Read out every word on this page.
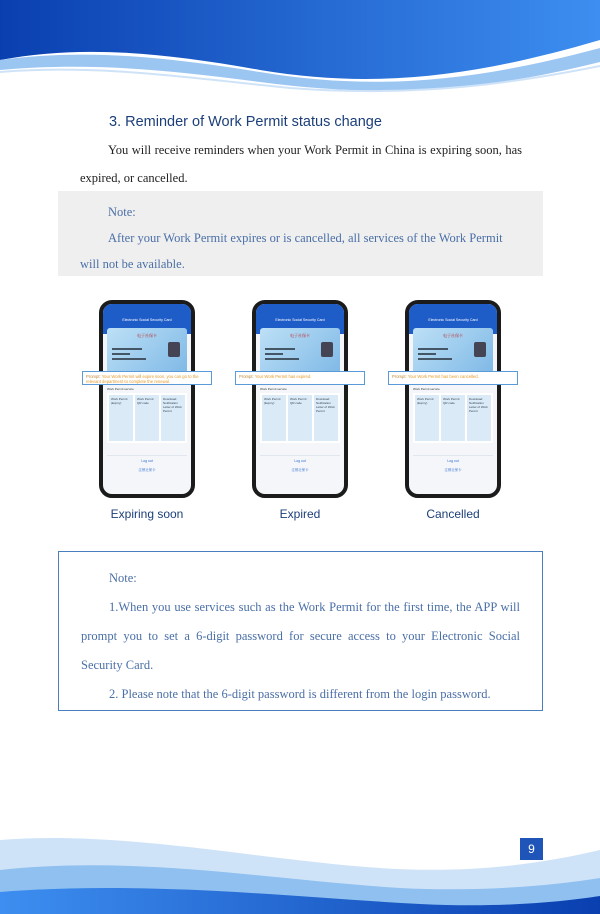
3. Reminder of Work Permit status change
You will receive reminders when your Work Permit in China is expiring soon, has expired, or cancelled.
Note:
After your Work Permit expires or is cancelled, all services of the Work Permit will not be available.
Electronic Social Security Card
电子社保卡
Work Permit service
Work Permit (Expiry)
Work Permit QR code
Download Notification Letter of Work Permit
Log out
注销社保卡
Prompt: Your Work Permit will expire soon, you can go to the relevant department to complete the renewal.
Expiring soon
Electronic Social Security Card
电子社保卡
Work Permit service
Work Permit (Expiry)
Work Permit QR code
Download Notification Letter of Work Permit
Log out
注销社保卡
Prompt: Your Work Permit has expired.
Expired
Electronic Social Security Card
电子社保卡
Work Permit service
Work Permit (Expiry)
Work Permit QR code
Download Notification Letter of Work Permit
Log out
注销社保卡
Prompt: Your Work Permit has been cancelled.
Cancelled
Note:
1.When you use services such as the Work Permit for the first time, the APP will prompt you to set a 6-digit password for secure access to your Electronic Social Security Card.
2. Please note that the 6-digit password is different from the login password.
9
